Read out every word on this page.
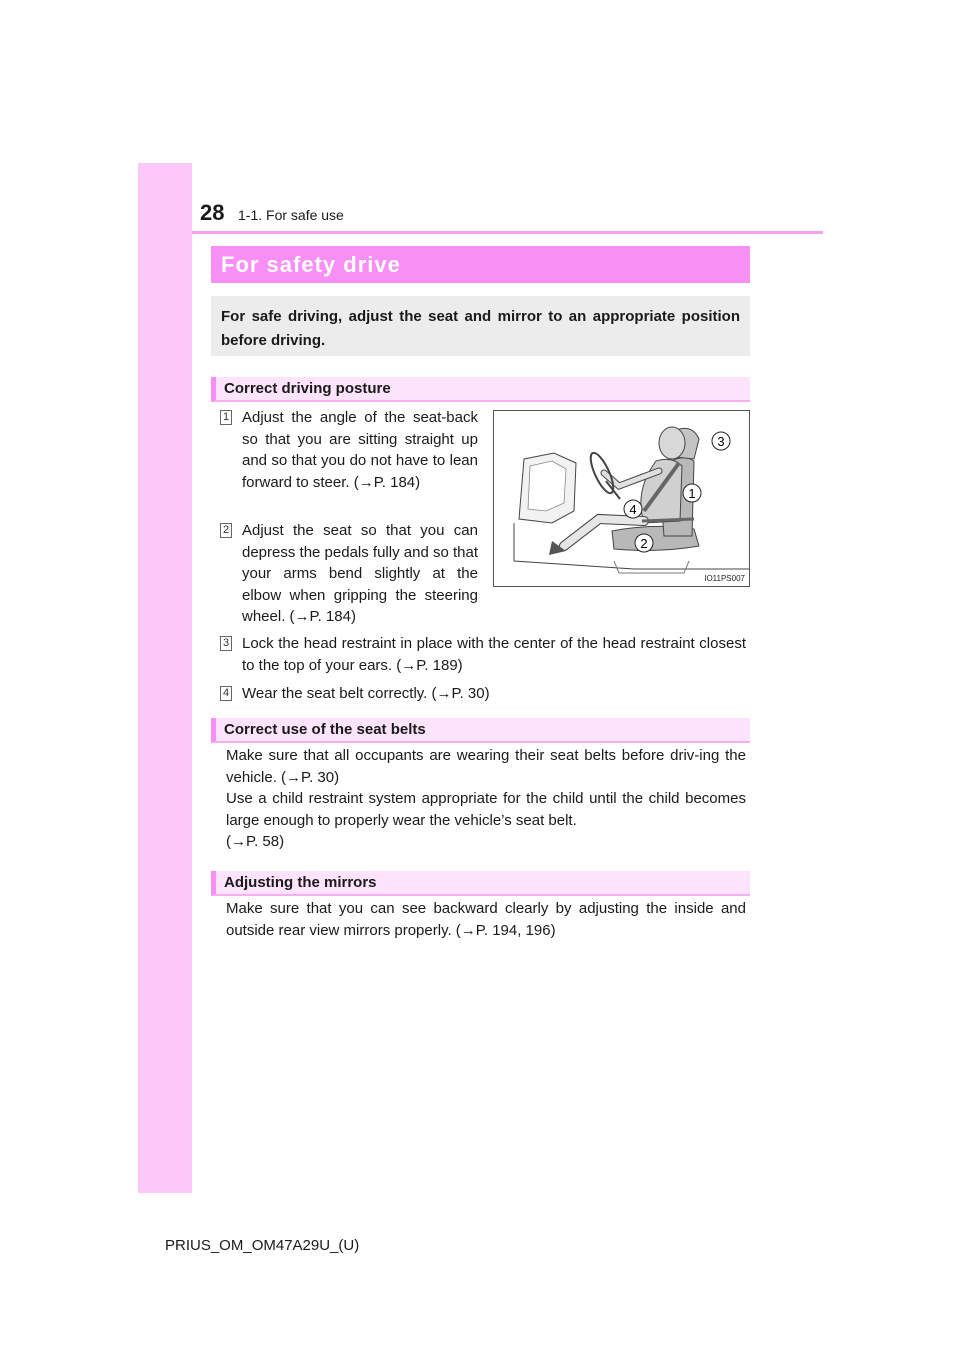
28 1-1. For safe use
For safety drive
For safe driving, adjust the seat and mirror to an appropriate position before driving.
Correct driving posture
1 Adjust the angle of the seat-back so that you are sitting straight up and so that you do not have to lean forward to steer. (→P. 184)
2 Adjust the seat so that you can depress the pedals fully and so that your arms bend slightly at the elbow when gripping the steering wheel. (→P. 184)
3 Lock the head restraint in place with the center of the head restraint closest to the top of your ears. (→P. 189)
4 Wear the seat belt correctly. (→P. 30)
3
1
4
2
IO11PS007
Correct use of the seat belts
Make sure that all occupants are wearing their seat belts before driv-ing the vehicle. (→P. 30)
Use a child restraint system appropriate for the child until the child becomes large enough to properly wear the vehicle’s seat belt.
(→P. 58)
Adjusting the mirrors
Make sure that you can see backward clearly by adjusting the inside and outside rear view mirrors properly. (→P. 194, 196)
PRIUS_OM_OM47A29U_(U)
